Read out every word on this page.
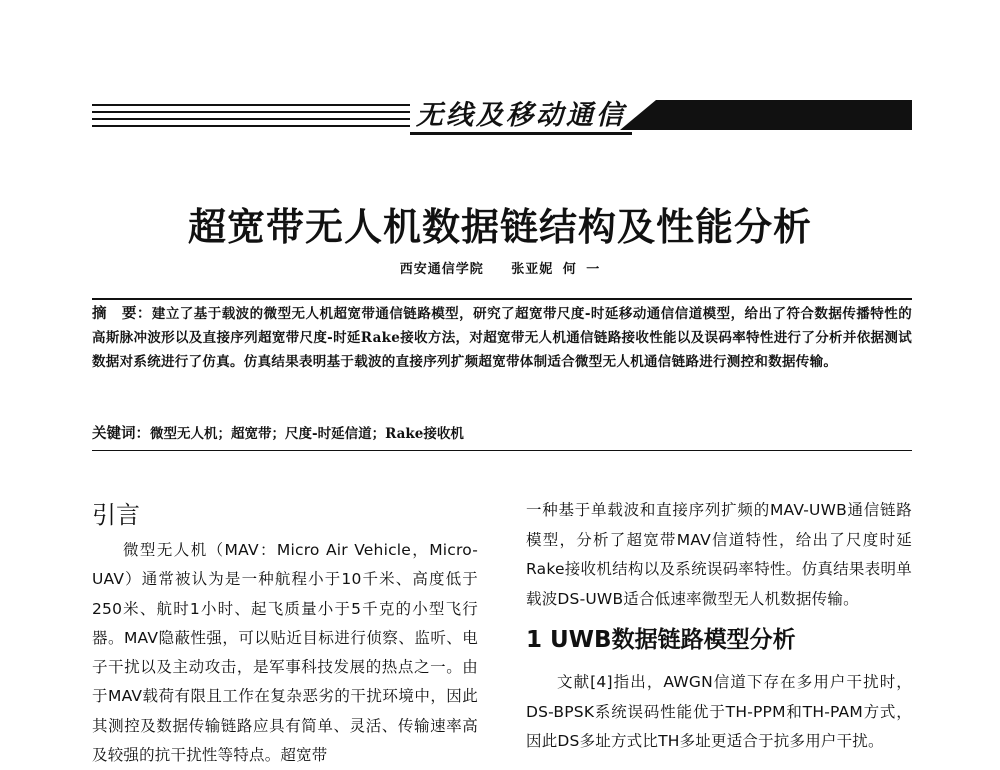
无线及移动通信
超宽带无人机数据链结构及性能分析
西安通信学院 张亚妮 何 一
摘　要：建立了基于载波的微型无人机超宽带通信链路模型，研究了超宽带尺度-时延移动通信信道模型，给出了符合数据传播特性的高斯脉冲波形以及直接序列超宽带尺度-时延Rake接收方法，对超宽带无人机通信链路接收性能以及误码率特性进行了分析并依据测试数据对系统进行了仿真。仿真结果表明基于载波的直接序列扩频超宽带体制适合微型无人机通信链路进行测控和数据传输。
关键词：微型无人机；超宽带；尺度-时延信道；Rake接收机
引言

微型无人机（MAV：Micro Air Vehicle，Micro-UAV）通常被认为是一种航程小于10千米、高度低于250米、航时1小时、起飞质量小于5千克的小型飞行器。MAV隐蔽性强，可以贴近目标进行侦察、监听、电子干扰以及主动攻击，是军事科技发展的热点之一。由于MAV载荷有限且工作在复杂恶劣的干扰环境中，因此其测控及数据传输链路应具有简单、灵活、传输速率高及较强的抗干扰性等特点。超宽带

一种基于单载波和直接序列扩频的MAV-UWB通信链路模型，分析了超宽带MAV信道特性，给出了尺度时延Rake接收机结构以及系统误码率特性。仿真结果表明单载波DS-UWB适合低速率微型无人机数据传输。

1 UWB数据链路模型分析

文献[4]指出，AWGN信道下存在多用户干扰时，DS-BPSK系统误码性能优于TH-PPM和TH-PAM方式，因此DS多址方式比TH多址更适合于抗多用户干扰。
